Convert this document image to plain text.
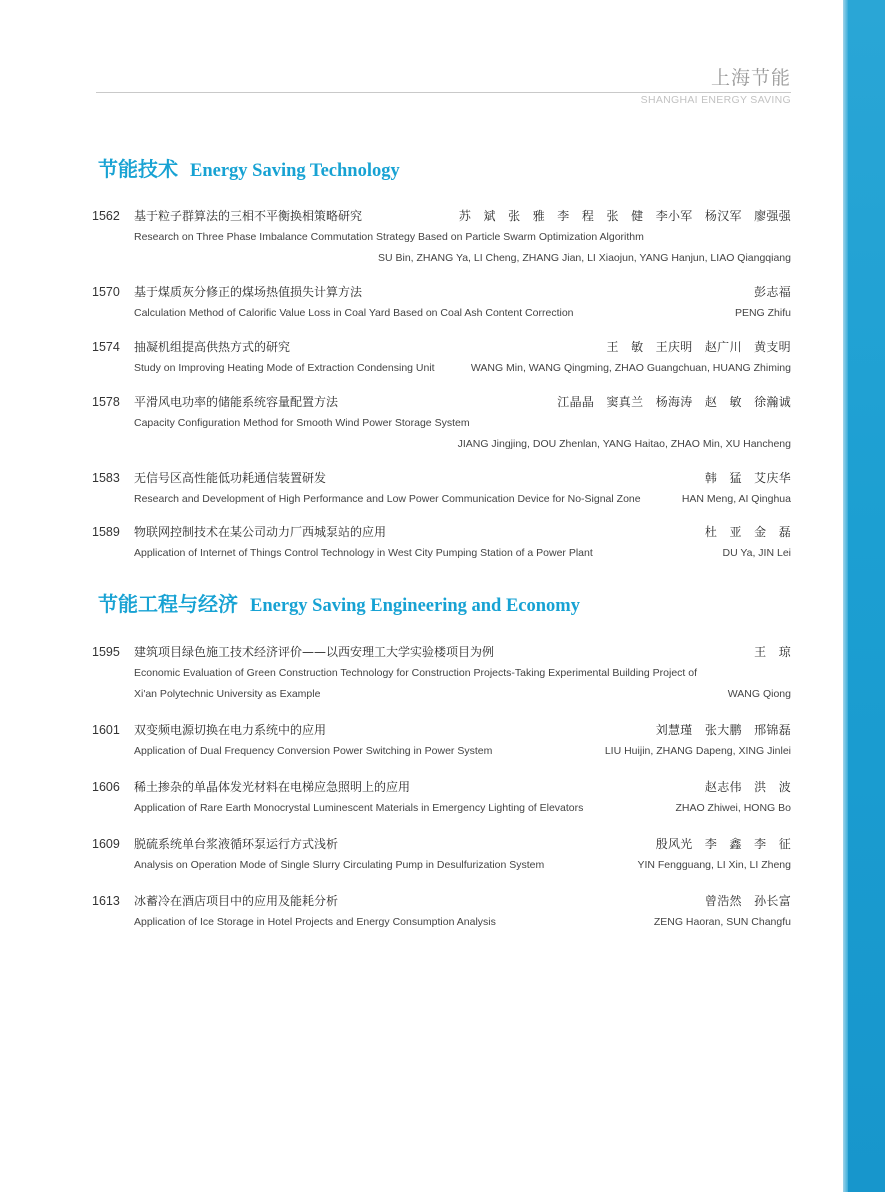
上海节能
SHANGHAI ENERGY SAVING
节能技术 Energy Saving Technology
1562 基于粒子群算法的三相不平衡换相策略研究	苏　斌　张　雅　李　程　张　健　李小军　杨汉军　廖强强
Research on Three Phase Imbalance Commutation Strategy Based on Particle Swarm Optimization Algorithm
SU Bin, ZHANG Ya, LI Cheng, ZHANG Jian, LI Xiaojun, YANG Hanjun, LIAO Qiangqiang
1570 基于煤质灰分修正的煤场热值损失计算方法	彭志福
Calculation Method of Calorific Value Loss in Coal Yard Based on Coal Ash Content Correction	PENG Zhifu
1574 抽凝机组提高供热方式的研究	王　敏　王庆明　赵广川　黄支明
Study on Improving Heating Mode of Extraction Condensing Unit	WANG Min, WANG Qingming, ZHAO Guangchuan, HUANG Zhiming
1578 平滑风电功率的储能系统容量配置方法	江晶晶　窦真兰　杨海涛　赵　敏　徐瀚诚
Capacity Configuration Method for Smooth Wind Power Storage System
JIANG Jingjing, DOU Zhenlan, YANG Haitao, ZHAO Min, XU Hancheng
1583 无信号区高性能低功耗通信装置研发	韩　猛　艾庆华
Research and Development of High Performance and Low Power Communication Device for No-Signal Zone	HAN Meng, AI Qinghua
1589 物联网控制技术在某公司动力厂西城泵站的应用	杜　亚　金　磊
Application of Internet of Things Control Technology in West City Pumping Station of a Power Plant	DU Ya, JIN Lei
节能工程与经济 Energy Saving Engineering and Economy
1595 建筑项目绿色施工技术经济评价——以西安理工大学实验楼项目为例	王　琼
Economic Evaluation of Green Construction Technology for Construction Projects-Taking Experimental Building Project of
Xi'an Polytechnic University as Example	WANG Qiong
1601 双变频电源切换在电力系统中的应用	刘慧瑾　张大鹏　邢锦磊
Application of Dual Frequency Conversion Power Switching in Power System	LIU Huijin, ZHANG Dapeng, XING Jinlei
1606 稀土掺杂的单晶体发光材料在电梯应急照明上的应用	赵志伟　洪　波
Application of Rare Earth Monocrystal Luminescent Materials in Emergency Lighting of Elevators	ZHAO Zhiwei, HONG Bo
1609 脱硫系统单台浆液循环泵运行方式浅析	殷风光　李　鑫　李　征
Analysis on Operation Mode of Single Slurry Circulating Pump in Desulfurization System	YIN Fengguang, LI Xin, LI Zheng
1613 冰蓄冷在酒店项目中的应用及能耗分析	曾浩然　孙长富
Application of Ice Storage in Hotel Projects and Energy Consumption Analysis	ZENG Haoran, SUN Changfu
